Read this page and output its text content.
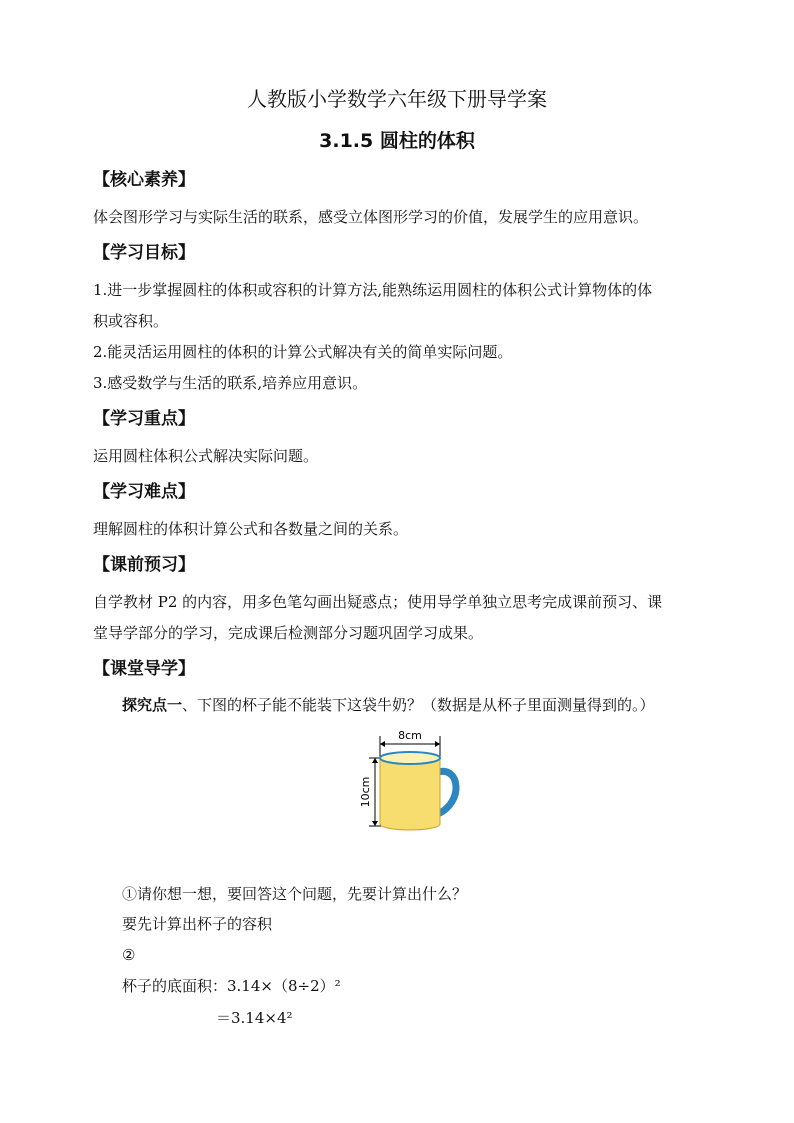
人教版小学数学六年级下册导学案
3.1.5 圆柱的体积
【核心素养】
体会图形学习与实际生活的联系，感受立体图形学习的价值，发展学生的应用意识。
【学习目标】
1.进一步掌握圆柱的体积或容积的计算方法,能熟练运用圆柱的体积公式计算物体的体
积或容积。
2.能灵活运用圆柱的体积的计算公式解决有关的简单实际问题。
3.感受数学与生活的联系,培养应用意识。
【学习重点】
运用圆柱体积公式解决实际问题。
【学习难点】
理解圆柱的体积计算公式和各数量之间的关系。
【课前预习】
自学教材 P2 的内容，用多色笔勾画出疑惑点；使用导学单独立思考完成课前预习、课
堂导学部分的学习，完成课后检测部分习题巩固学习成果。
【课堂导学】
探究点一、下图的杯子能不能装下这袋牛奶？（数据是从杯子里面测量得到的。）
8cm
10cm
①请你想一想，要回答这个问题，先要计算出什么？
要先计算出杯子的容积
②
杯子的底面积：3.14×（8÷2）²
＝3.14×4²
